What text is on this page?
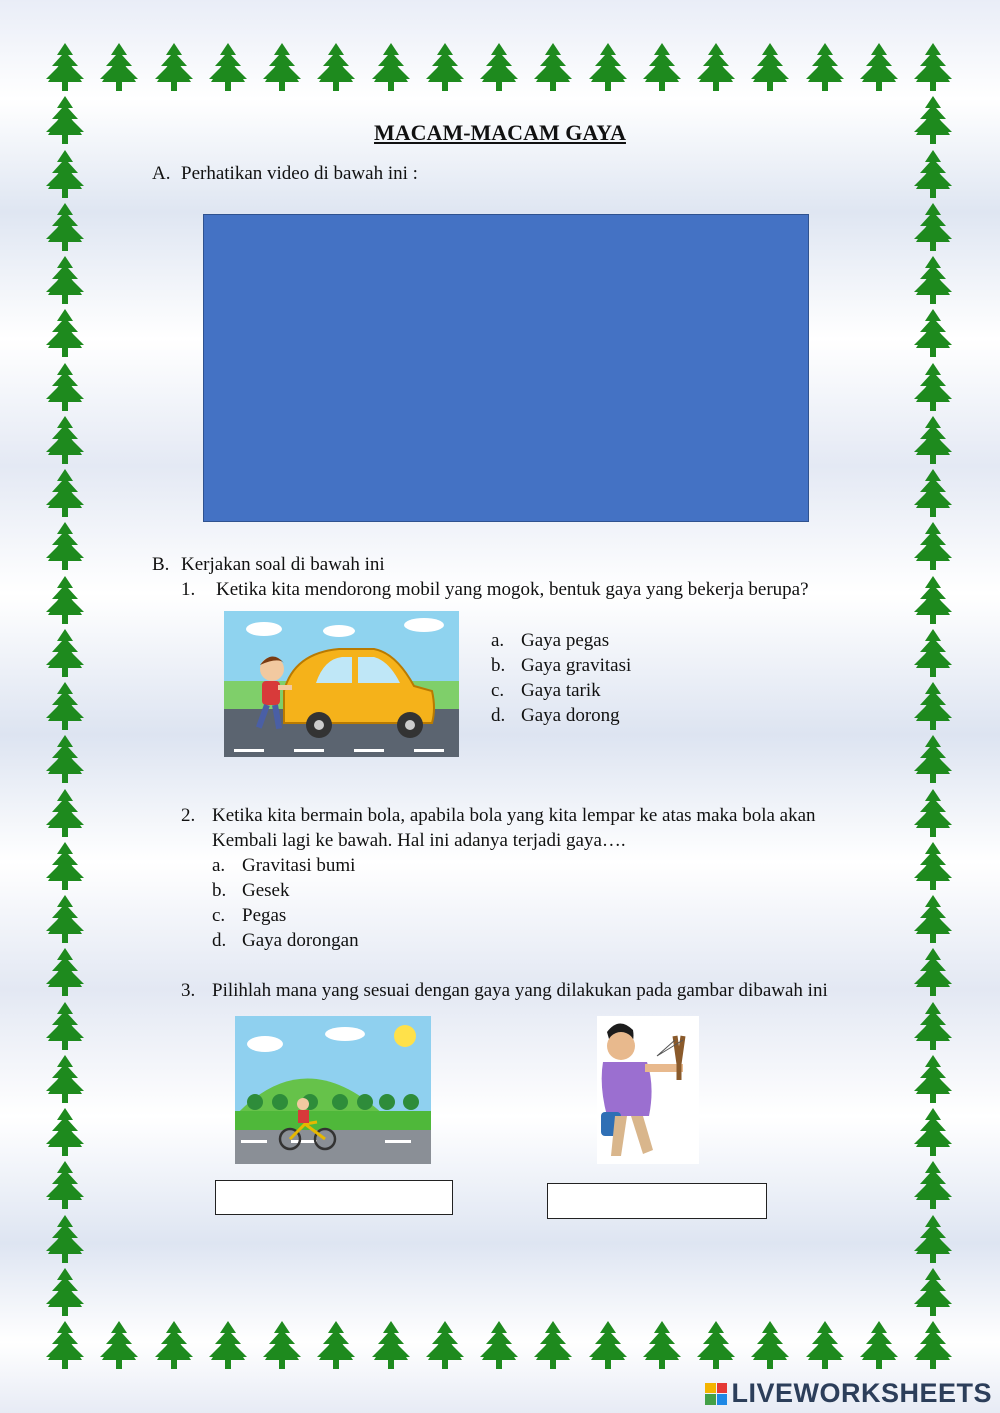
MACAM-MACAM GAYA
A. Perhatikan video di bawah ini :
B. Kerjakan soal di bawah ini
1. Ketika kita mendorong mobil yang mogok, bentuk gaya yang bekerja berupa?
a. Gaya pegas
b. Gaya gravitasi
c. Gaya tarik
d. Gaya dorong
2. Ketika kita bermain bola, apabila bola yang kita lempar ke atas maka bola akan
Kembali lagi ke bawah. Hal ini adanya terjadi gaya….
a. Gravitasi bumi
b. Gesek
c. Pegas
d. Gaya dorongan
3. Pilihlah mana yang sesuai dengan gaya yang dilakukan pada gambar dibawah ini
LIVEWORKSHEETS
